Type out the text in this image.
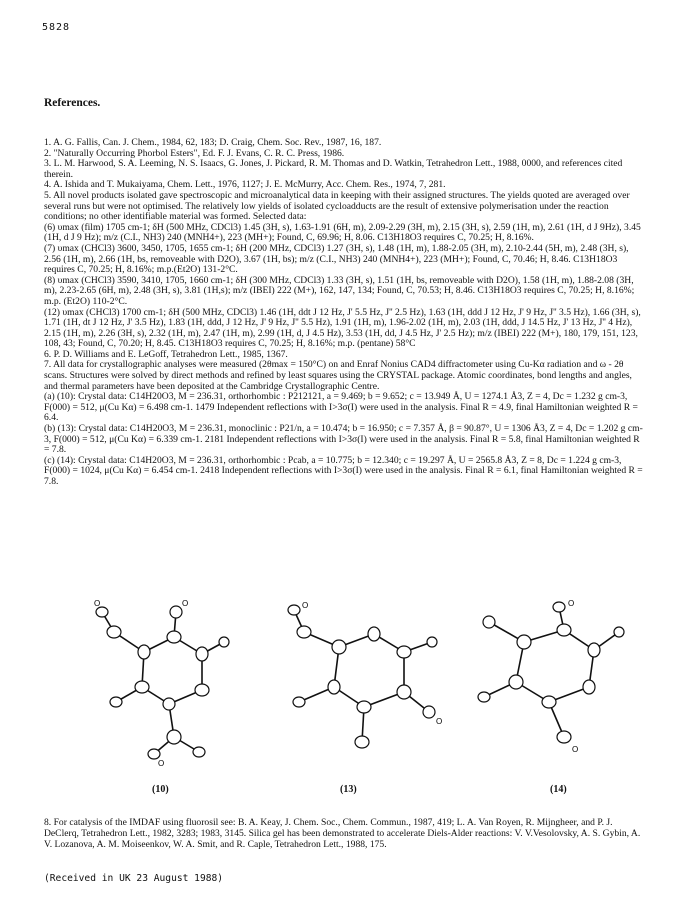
5828
References.

1. A. G. Fallis, Can. J. Chem., 1984, 62, 183; D. Craig, Chem. Soc. Rev., 1987, 16, 187.

2. "Naturally Occurring Phorbol Esters", Ed. F. J. Evans, C. R. C. Press, 1986.

3. L. M. Harwood, S. A. Leeming, N. S. Isaacs, G. Jones, J. Pickard, R. M. Thomas and D. Watkin, Tetrahedron Lett., 1988, 0000, and references cited therein.

4. A. Ishida and T. Mukaiyama, Chem. Lett., 1976, 1127; J. E. McMurry, Acc. Chem. Res., 1974, 7, 281.

5. All novel products isolated gave spectroscopic and microanalytical data in keeping with their assigned structures. The yields quoted are averaged over several runs but were not optimised. The relatively low yields of isolated cycloadducts are the result of extensive polymerisation under the reaction conditions; no other identifiable material was formed. Selected data:

(6) υmax (film) 1705 cm-1; δH (500 MHz, CDCl3) 1.45 (3H, s), 1.63-1.91 (6H, m), 2.09-2.29 (3H, m), 2.15 (3H, s), 2.59 (1H, m), 2.61 (1H, d J 9Hz), 3.45 (1H, d J 9 Hz); m/z (C.I., NH3) 240 (MNH4+), 223 (MH+); Found, C, 69.96; H, 8.06. C13H18O3 requires C, 70.25; H, 8.16%.

(7) υmax (CHCl3) 3600, 3450, 1705, 1655 cm-1; δH (200 MHz, CDCl3) 1.27 (3H, s), 1.48 (1H, m), 1.88-2.05 (3H, m), 2.10-2.44 (5H, m), 2.48 (3H, s), 2.56 (1H, m), 2.66 (1H, bs, removeable with D2O), 3.67 (1H, bs); m/z (C.I., NH3) 240 (MNH4+), 223 (MH+); Found, C, 70.46; H, 8.46. C13H18O3 requires C, 70.25; H, 8.16%; m.p.(Et2O) 131-2°C.

(8) υmax (CHCl3) 3590, 3410, 1705, 1660 cm-1; δH (300 MHz, CDCl3) 1.33 (3H, s), 1.51 (1H, bs, removeable with D2O), 1.58 (1H, m), 1.88-2.08 (3H, m), 2.23-2.65 (6H, m), 2.48 (3H, s), 3.81 (1H,s); m/z (IBEI) 222 (M+), 162, 147, 134; Found, C, 70.53; H, 8.46. C13H18O3 requires C, 70.25; H, 8.16%; m.p. (Et2O) 110-2°C.

(12) υmax (CHCl3) 1700 cm-1; δH (500 MHz, CDCl3) 1.46 (1H, ddt J 12 Hz, J' 5.5 Hz, J'' 2.5 Hz), 1.63 (1H, ddd J 12 Hz, J' 9 Hz, J'' 3.5 Hz), 1.66 (3H, s), 1.71 (1H, dt J 12 Hz, J' 3.5 Hz), 1.83 (1H, ddd, J 12 Hz, J' 9 Hz, J'' 5.5 Hz), 1.91 (1H, m), 1.96-2.02 (1H, m), 2.03 (1H, ddd, J 14.5 Hz, J' 13 Hz, J'' 4 Hz), 2.15 (1H, m), 2.26 (3H, s), 2.32 (1H, m), 2.47 (1H, m), 2.99 (1H, d, J 4.5 Hz), 3.53 (1H, dd, J 4.5 Hz, J' 2.5 Hz); m/z (IBEI) 222 (M+), 180, 179, 151, 123, 108, 43; Found, C, 70.20; H, 8.45. C13H18O3 requires C, 70.25; H, 8.16%; m.p. (pentane) 58°C

6. P. D. Williams and E. LeGoff, Tetrahedron Lett., 1985, 1367.

7. All data for crystallographic analyses were measured (2θmax = 150°C) on and Enraf Nonius CAD4 diffractometer using Cu-Kα radiation and ω - 2θ scans. Structures were solved by direct methods and refined by least squares using the CRYSTAL package. Atomic coordinates, bond lengths and angles, and thermal parameters have been deposited at the Cambridge Crystallographic Centre.

(a) (10): Crystal data: C14H20O3, M = 236.31, orthorhombic : P212121, a = 9.469; b = 9.652; c = 13.949 Å, U = 1274.1 Å3, Z = 4, Dc = 1.232 g cm-3, F(000) = 512, μ(Cu Kα) = 6.498 cm-1. 1479 Independent reflections with I>3σ(I) were used in the analysis. Final R = 4.9, final Hamiltonian weighted R = 6.4.

(b) (13): Crystal data: C14H20O3, M = 236.31, monoclinic : P21/n, a = 10.474; b = 16.950; c = 7.357 Å, β = 90.87°, U = 1306 Å3, Z = 4, Dc = 1.202 g cm-3, F(000) = 512, μ(Cu Kα) = 6.339 cm-1. 2181 Independent reflections with I>3σ(I) were used in the analysis. Final R = 5.8, final Hamiltonian weighted R = 7.8.

(c) (14): Crystal data: C14H20O3, M = 236.31, orthorhombic : Pcab, a = 10.775; b = 12.340; c = 19.297 Å, U = 2565.8 Å3, Z = 8, Dc = 1.224 g cm-3, F(000) = 1024, μ(Cu Kα) = 6.454 cm-1. 2418 Independent reflections with I>3σ(I) were used in the analysis. Final R = 6.1, final Hamiltonian weighted R = 7.8.

O	O
O
O
O
O
O
(10)	(13)	(14)
8. For catalysis of the IMDAF using fluorosil see: B. A. Keay, J. Chem. Soc., Chem. Commun., 1987, 419; L. A. Van Royen, R. Mijngheer, and P. J. DeClerq, Tetrahedron Lett., 1982, 3283; 1983, 3145. Silica gel has been demonstrated to accelerate Diels-Alder reactions: V. V.Vesolovsky, A. S. Gybin, A. V. Lozanova, A. M. Moiseenkov, W. A. Smit, and R. Caple, Tetrahedron Lett., 1988, 175.
(Received in UK 23 August 1988)
